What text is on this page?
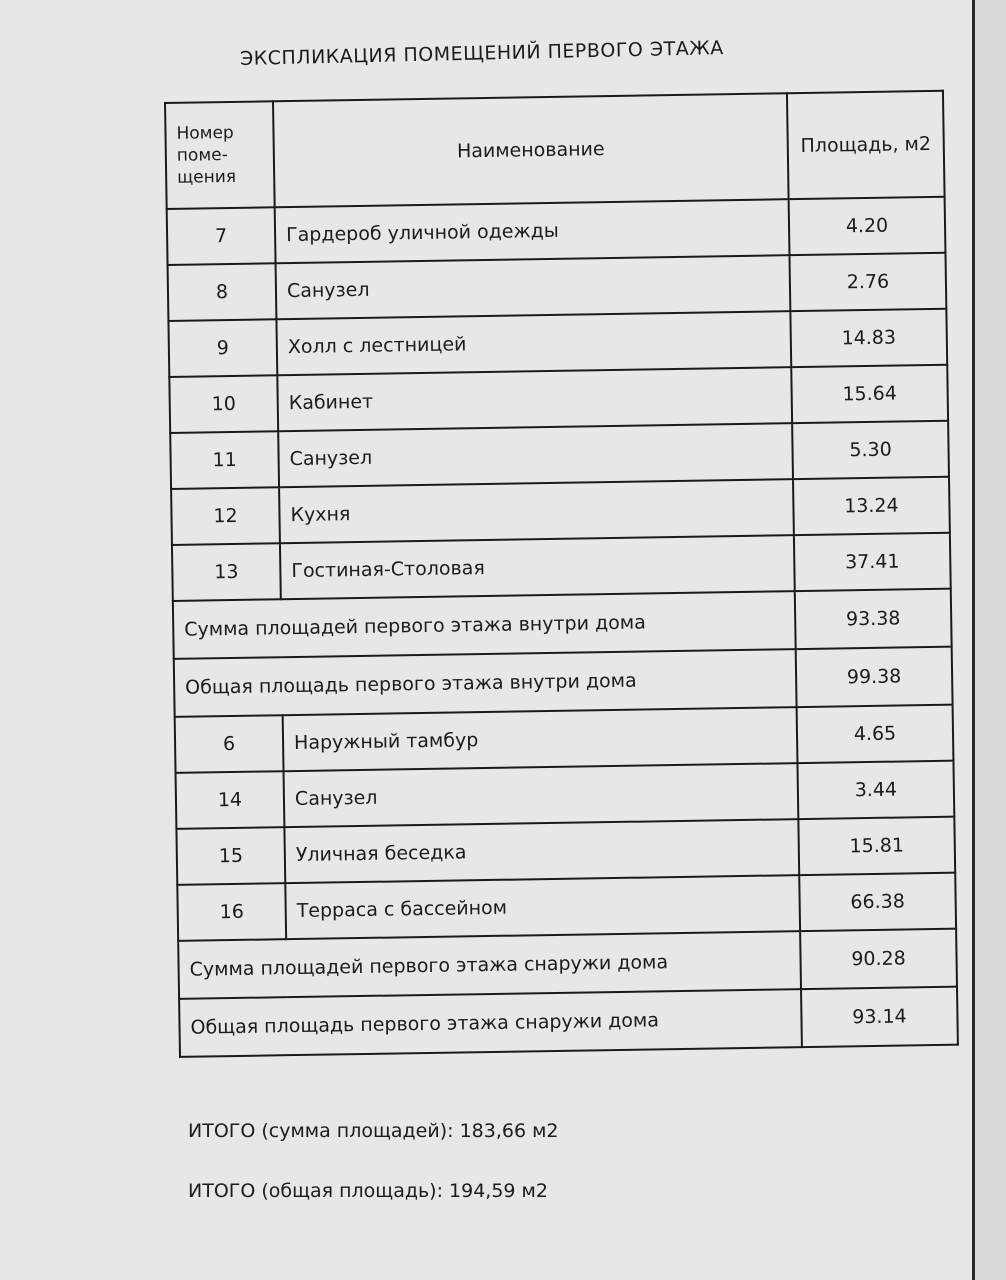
ЭКСПЛИКАЦИЯ ПОМЕЩЕНИЙ ПЕРВОГО ЭТАЖА
Номер поме-щения	Наименование	Площадь, м2
7	Гардероб уличной одежды	4.20
8	Санузел	2.76
9	Холл с лестницей	14.83
10	Кабинет	15.64
11	Санузел	5.30
12	Кухня	13.24
13	Гостиная-Столовая	37.41
Сумма площадей первого этажа внутри дома		93.38
Общая площадь первого этажа внутри дома		99.38
6	Наружный тамбур	4.65
14	Санузел	3.44
15	Уличная беседка	15.81
16	Терраса с бассейном	66.38
Сумма площадей первого этажа снаружи дома		90.28
Общая площадь первого этажа снаружи дома		93.14
ИТОГО (сумма площадей): 183,66 м2
ИТОГО (общая площадь): 194,59 м2
